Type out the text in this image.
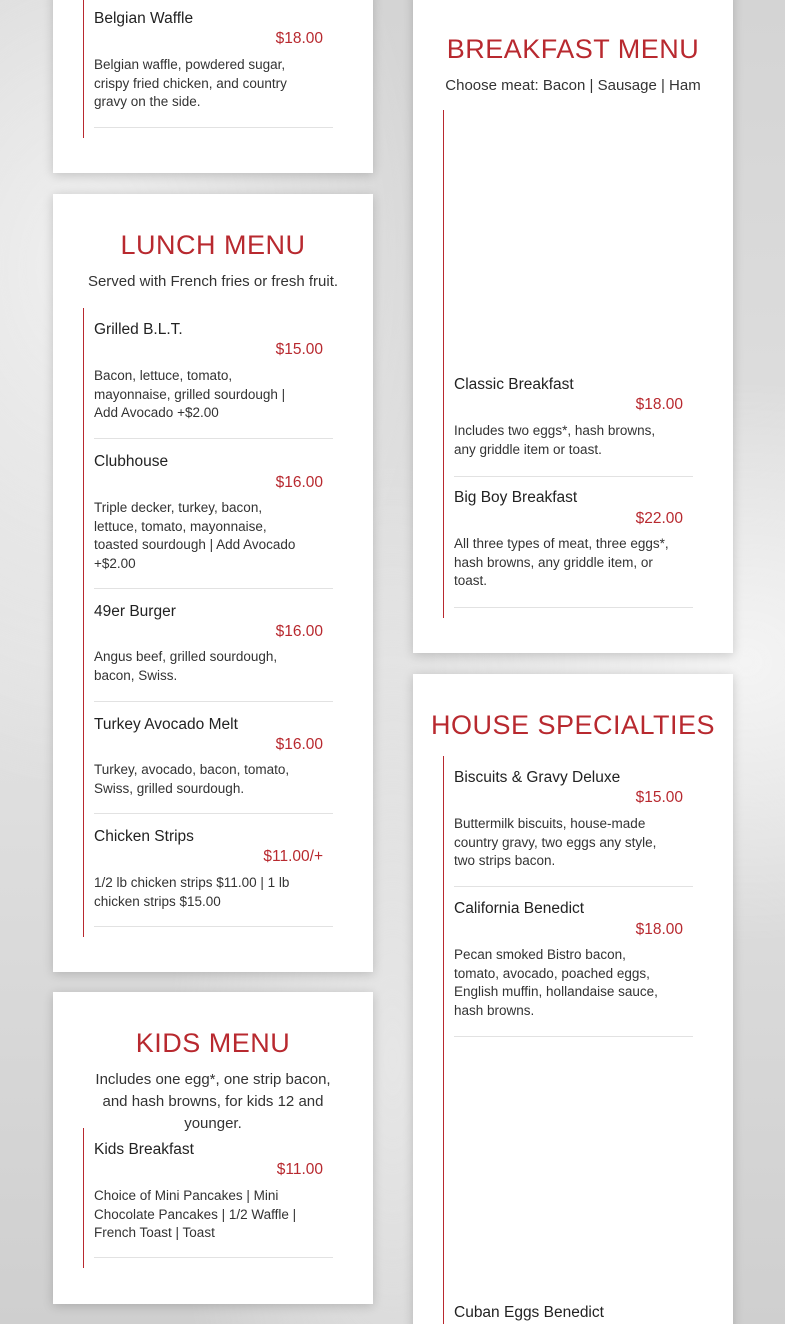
Belgian Waffle
$18.00
Belgian waffle, powdered sugar, crispy fried chicken, and country gravy on the side.
LUNCH MENU
Served with French fries or fresh fruit.
Grilled B.L.T.
$15.00
Bacon, lettuce, tomato, mayonnaise, grilled sourdough | Add Avocado +$2.00
Clubhouse
$16.00
Triple decker, turkey, bacon, lettuce, tomato, mayonnaise, toasted sourdough | Add Avocado +$2.00
49er Burger
$16.00
Angus beef, grilled sourdough, bacon, Swiss.
Turkey Avocado Melt
$16.00
Turkey, avocado, bacon, tomato, Swiss, grilled sourdough.
Chicken Strips
$11.00/+
1/2 lb chicken strips $11.00 | 1 lb chicken strips $15.00
KIDS MENU
Includes one egg*, one strip bacon, and hash browns, for kids 12 and younger.
Kids Breakfast
$11.00
Choice of Mini Pancakes | Mini Chocolate Pancakes | 1/2 Waffle | French Toast | Toast
BREAKFAST MENU
Choose meat: Bacon | Sausage | Ham
Classic Breakfast
$18.00
Includes two eggs*, hash browns, any griddle item or toast.
Big Boy Breakfast
$22.00
All three types of meat, three eggs*, hash browns, any griddle item, or toast.
HOUSE SPECIALTIES
Biscuits & Gravy Deluxe
$15.00
Buttermilk biscuits, house-made country gravy, two eggs any style, two strips bacon.
California Benedict
$18.00
Pecan smoked Bistro bacon, tomato, avocado, poached eggs, English muffin, hollandaise sauce, hash browns.
Cuban Eggs Benedict
